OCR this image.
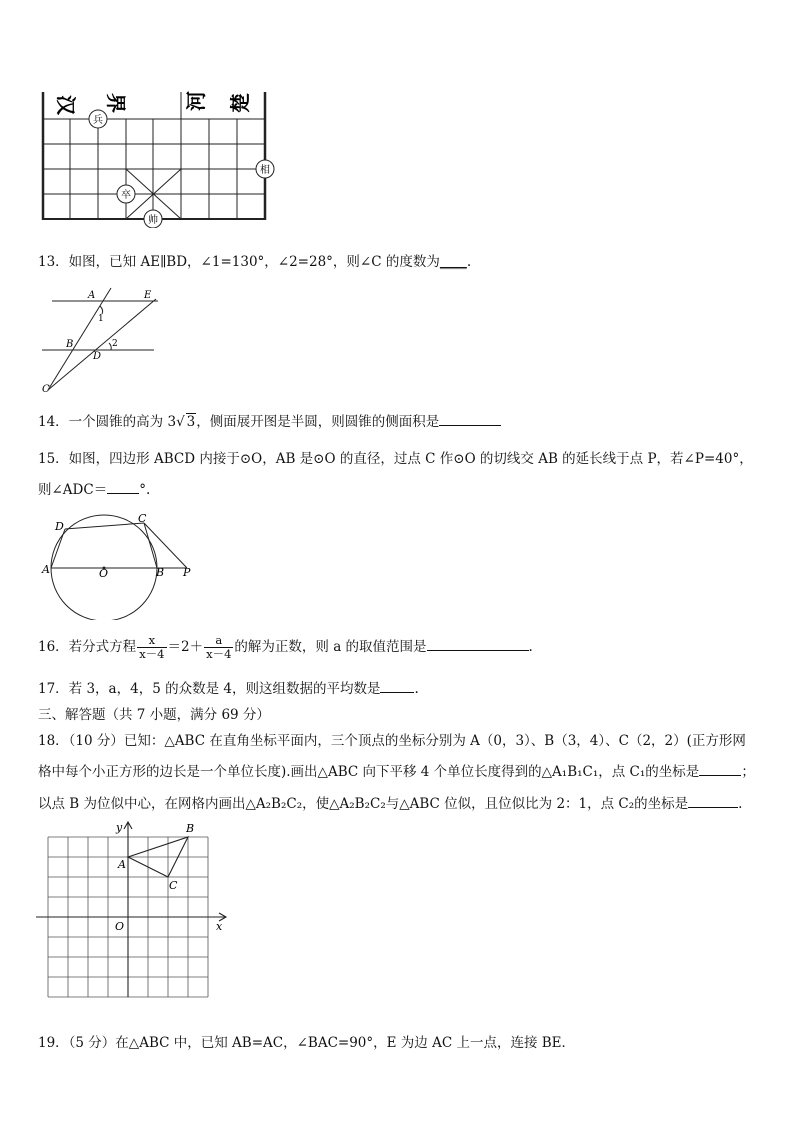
汉 界	河 楚
兵
相
卒
帅
13．如图，已知 AE∥BD，∠1=130°，∠2=28°，则∠C 的度数为____.
A	E
1
B	2
D
C
14．一个圆锥的高为 3√ 3，侧面展开图是半圆，则圆锥的侧面积是
15．如图，四边形 ABCD 内接于⊙O，AB 是⊙O 的直径，过点 C 作⊙O 的切线交 AB 的延长线于点 P，若∠P=40°，
则∠ADC＝ °.
D
C
A	O	B P
16．若分式方程 $\frac{x}{x-4} =2+ \frac{a}{x-4}$ 的解为正数，则 a 的取值范围是	.
17．若 3，a，4，5 的众数是 4，则这组数据的平均数是	.
三、解答题（共 7 小题，满分 69 分）
18．（10 分）已知：△ABC 在直角坐标平面内，三个顶点的坐标分别为 A（0，3）、B（3，4）、C（2，2）(正方形网
格中每个小正方形的边长是一个单位长度).画出△ABC 向下平移 4 个单位长度得到的△A₁B₁C₁，点 C₁的坐标是	；
以点 B 为位似中心，在网格内画出△A₂B₂C₂，使△A₂B₂C₂与△ABC 位似，且位似比为 2：1，点 C₂的坐标是	.
y
x
O
A
B
C
19．（5 分）在△ABC 中，已知 AB=AC，∠BAC=90°，E 为边 AC 上一点，连接 BE．
